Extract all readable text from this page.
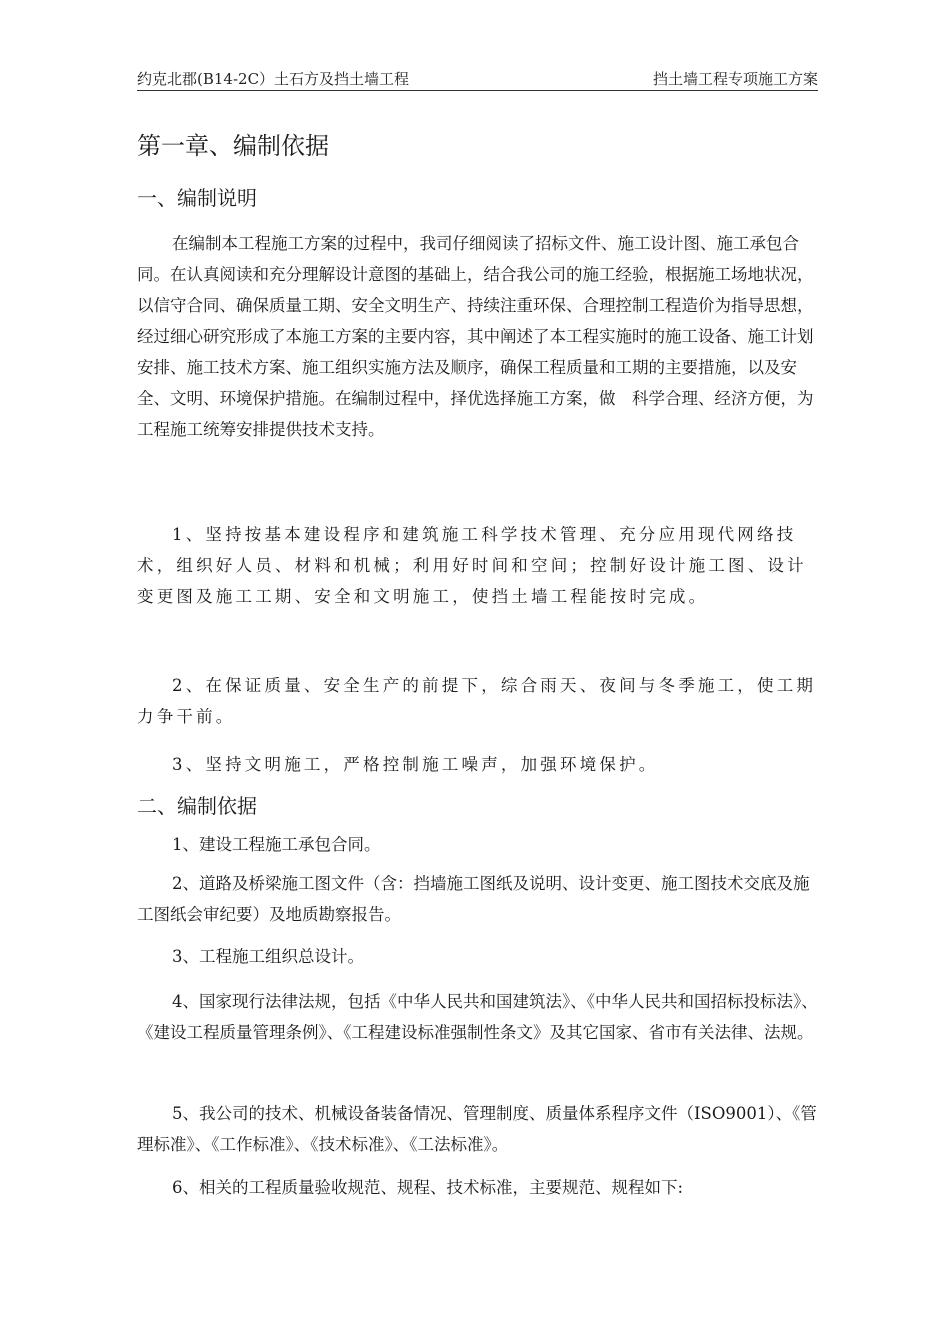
约克北郡(B14-2C）土石方及挡土墙工程	挡土墙工程专项施工方案
第一章、编制依据
一、编制说明

在编制本工程施工方案的过程中，我司仔细阅读了招标文件、施工设计图、施工承包合同。在认真阅读和充分理解设计意图的基础上，结合我公司的施工经验，根据施工场地状况，以信守合同、确保质量工期、安全文明生产、持续注重环保、合理控制工程造价为指导思想，经过细心研究形成了本施工方案的主要内容，其中阐述了本工程实施时的施工设备、施工计划安排、施工技术方案、施工组织实施方法及顺序，确保工程质量和工期的主要措施，以及安全、文明、环境保护措施。在编制过程中，择优选择施工方案，做　科学合理、经济方便，为工程施工统筹安排提供技术支持。

1、坚持按基本建设程序和建筑施工科学技术管理、充分应用现代网络技术，组织好人员、材料和机械；利用好时间和空间；控制好设计施工图、设计变更图及施工工期、安全和文明施工，使挡土墙工程能按时完成。

2、在保证质量、安全生产的前提下，综合雨天、夜间与冬季施工，使工期力争干前。

3、坚持文明施工，严格控制施工噪声，加强环境保护。

二、编制依据

1、建设工程施工承包合同。

2、道路及桥梁施工图文件（含：挡墙施工图纸及说明、设计变更、施工图技术交底及施工图纸会审纪要）及地质勘察报告。

3、工程施工组织总设计。

4、国家现行法律法规，包括《中华人民共和国建筑法》、《中华人民共和国招标投标法》、《建设工程质量管理条例》、《工程建设标准强制性条文》及其它国家、省市有关法律、法规。

5、我公司的技术、机械设备装备情况、管理制度、质量体系程序文件（ISO9001）、《管理标准》、《工作标准》、《技术标准》、《工法标准》。

6、相关的工程质量验收规范、规程、技术标准，主要规范、规程如下:
